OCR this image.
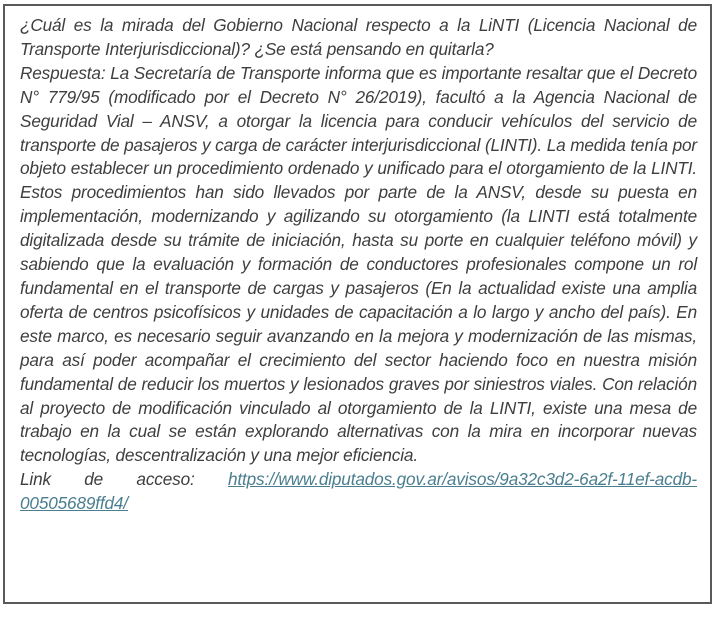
¿Cuál es la mirada del Gobierno Nacional respecto a la LiNTI (Licencia Nacional de Transporte Interjurisdiccional)? ¿Se está pensando en quitarla?

Respuesta: La Secretaría de Transporte informa que es importante resaltar que el Decreto N° 779/95 (modificado por el Decreto N° 26/2019), facultó a la Agencia Nacional de Seguridad Vial – ANSV, a otorgar la licencia para conducir vehículos del servicio de transporte de pasajeros y carga de carácter interjurisdiccional (LINTI). La medida tenía por objeto establecer un procedimiento ordenado y unificado para el otorgamiento de la LINTI. Estos procedimientos han sido llevados por parte de la ANSV, desde su puesta en implementación, modernizando y agilizando su otorgamiento (la LINTI está totalmente digitalizada desde su trámite de iniciación, hasta su porte en cualquier teléfono móvil) y sabiendo que la evaluación y formación de conductores profesionales compone un rol fundamental en el transporte de cargas y pasajeros (En la actualidad existe una amplia oferta de centros psicofísicos y unidades de capacitación a lo largo y ancho del país). En este marco, es necesario seguir avanzando en la mejora y modernización de las mismas, para así poder acompañar el crecimiento del sector haciendo foco en nuestra misión fundamental de reducir los muertos y lesionados graves por siniestros viales. Con relación al proyecto de modificación vinculado al otorgamiento de la LINTI, existe una mesa de trabajo en la cual se están explorando alternativas con la mira en incorporar nuevas tecnologías, descentralización y una mejor eficiencia.

Link de acceso: https://www.diputados.gov.ar/avisos/9a32c3d2-6a2f-11ef-acdb-00505689ffd4/
